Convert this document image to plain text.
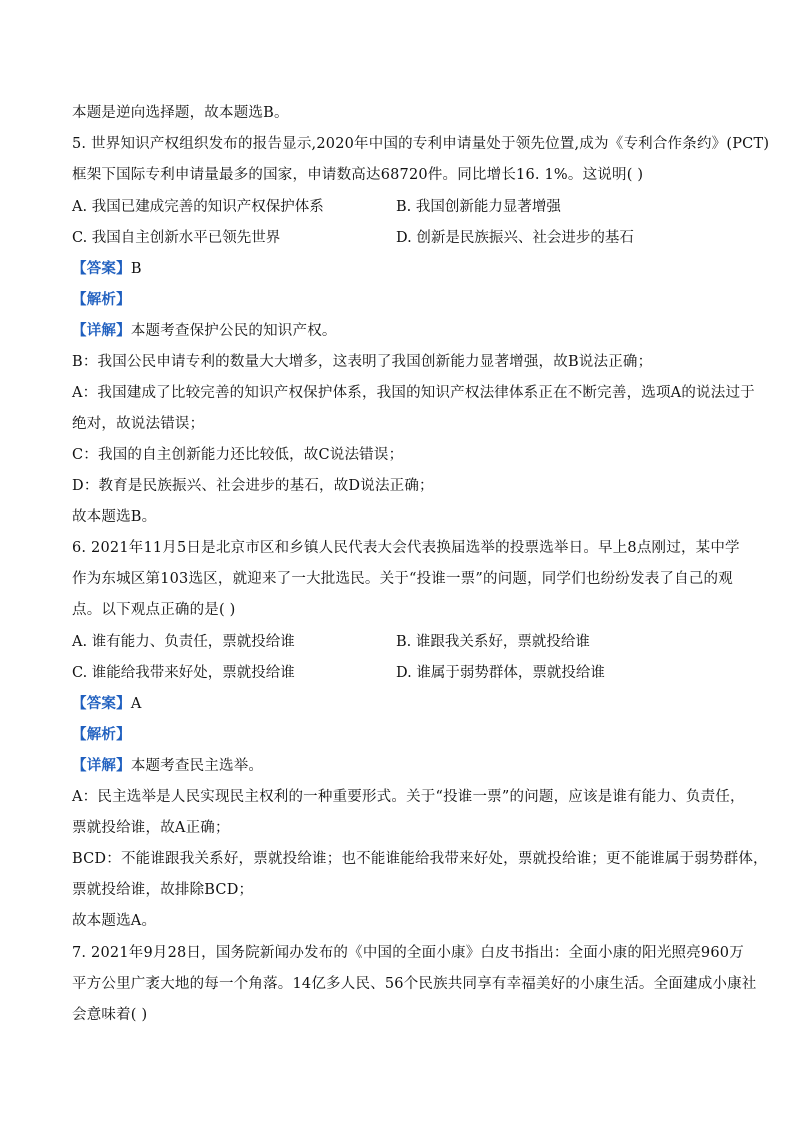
本题是逆向选择题，故本题选B。
5. 世界知识产权组织发布的报告显示,2020年中国的专利申请量处于领先位置,成为《专利合作条约》(PCT)
框架下国际专利申请量最多的国家，申请数高达68720件。同比增长16. 1%。这说明( )
A. 我国已建成完善的知识产权保护体系	B. 我国创新能力显著增强
C. 我国自主创新水平已领先世界	D. 创新是民族振兴、社会进步的基石
【答案】B
【解析】
【详解】本题考查保护公民的知识产权。
B：我国公民申请专利的数量大大增多，这表明了我国创新能力显著增强，故B说法正确；
A：我国建成了比较完善的知识产权保护体系，我国的知识产权法律体系正在不断完善，选项A的说法过于
绝对，故说法错误；
C：我国的自主创新能力还比较低，故C说法错误；
D：教育是民族振兴、社会进步的基石，故D说法正确；
故本题选B。
6. 2021年11月5日是北京市区和乡镇人民代表大会代表换届选举的投票选举日。早上8点刚过，某中学
作为东城区第103选区，就迎来了一大批选民。关于“投谁一票”的问题，同学们也纷纷发表了自己的观
点。以下观点正确的是( )
A. 谁有能力、负责任，票就投给谁	B. 谁跟我关系好，票就投给谁
C. 谁能给我带来好处，票就投给谁	D. 谁属于弱势群体，票就投给谁
【答案】A
【解析】
【详解】本题考查民主选举。
A：民主选举是人民实现民主权利的一种重要形式。关于“投谁一票”的问题，应该是谁有能力、负责任，
票就投给谁，故A正确；
BCD：不能谁跟我关系好，票就投给谁；也不能谁能给我带来好处，票就投给谁；更不能谁属于弱势群体，
票就投给谁，故排除BCD；
故本题选A。
7. 2021年9月28日，国务院新闻办发布的《中国的全面小康》白皮书指出：全面小康的阳光照亮960万
平方公里广袤大地的每一个角落。14亿多人民、56个民族共同享有幸福美好的小康生活。全面建成小康社
会意味着( )
